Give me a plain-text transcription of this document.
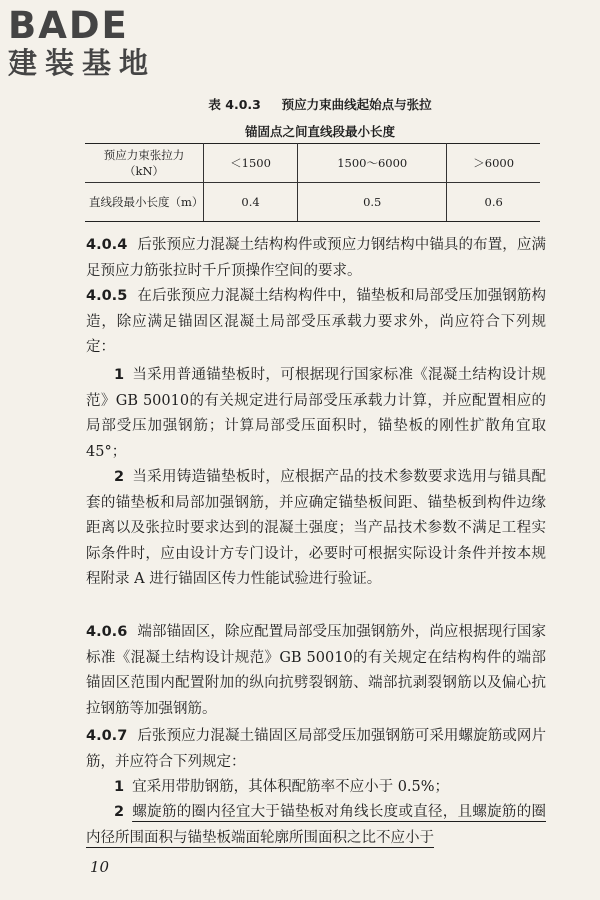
BADE
建装基地
表 4.0.3 预应力束曲线起始点与张拉
锚固点之间直线段最小长度
预应力束张拉力（kN）	＜1500	1500～6000	＞6000
直线段最小长度（m）	0.4	0.5	0.6
4.0.4 后张预应力混凝土结构构件或预应力钢结构中锚具的布置，应满足预应力筋张拉时千斤顶操作空间的要求。
4.0.5 在后张预应力混凝土结构构件中，锚垫板和局部受压加强钢筋构造，除应满足锚固区混凝土局部受压承载力要求外，尚应符合下列规定：
1 当采用普通锚垫板时，可根据现行国家标准《混凝土结构设计规范》GB 50010的有关规定进行局部受压承载力计算，并应配置相应的局部受压加强钢筋；计算局部受压面积时，锚垫板的刚性扩散角宜取 45°；
2 当采用铸造锚垫板时，应根据产品的技术参数要求选用与锚具配套的锚垫板和局部加强钢筋，并应确定锚垫板间距、锚垫板到构件边缘距离以及张拉时要求达到的混凝土强度；当产品技术参数不满足工程实际条件时，应由设计方专门设计，必要时可根据实际设计条件并按本规程附录 A 进行锚固区传力性能试验进行验证。
4.0.6 端部锚固区，除应配置局部受压加强钢筋外，尚应根据现行国家标准《混凝土结构设计规范》GB 50010的有关规定在结构构件的端部锚固区范围内配置附加的纵向抗劈裂钢筋、端部抗剥裂钢筋以及偏心抗拉钢筋等加强钢筋。
4.0.7 后张预应力混凝土锚固区局部受压加强钢筋可采用螺旋筋或网片筋，并应符合下列规定：
1 宜采用带肋钢筋，其体积配筋率不应小于 0.5%；
2 螺旋筋的圈内径宜大于锚垫板对角线长度或直径，且螺旋筋的圈内径所围面积与锚垫板端面轮廓所围面积之比不应小于
10
